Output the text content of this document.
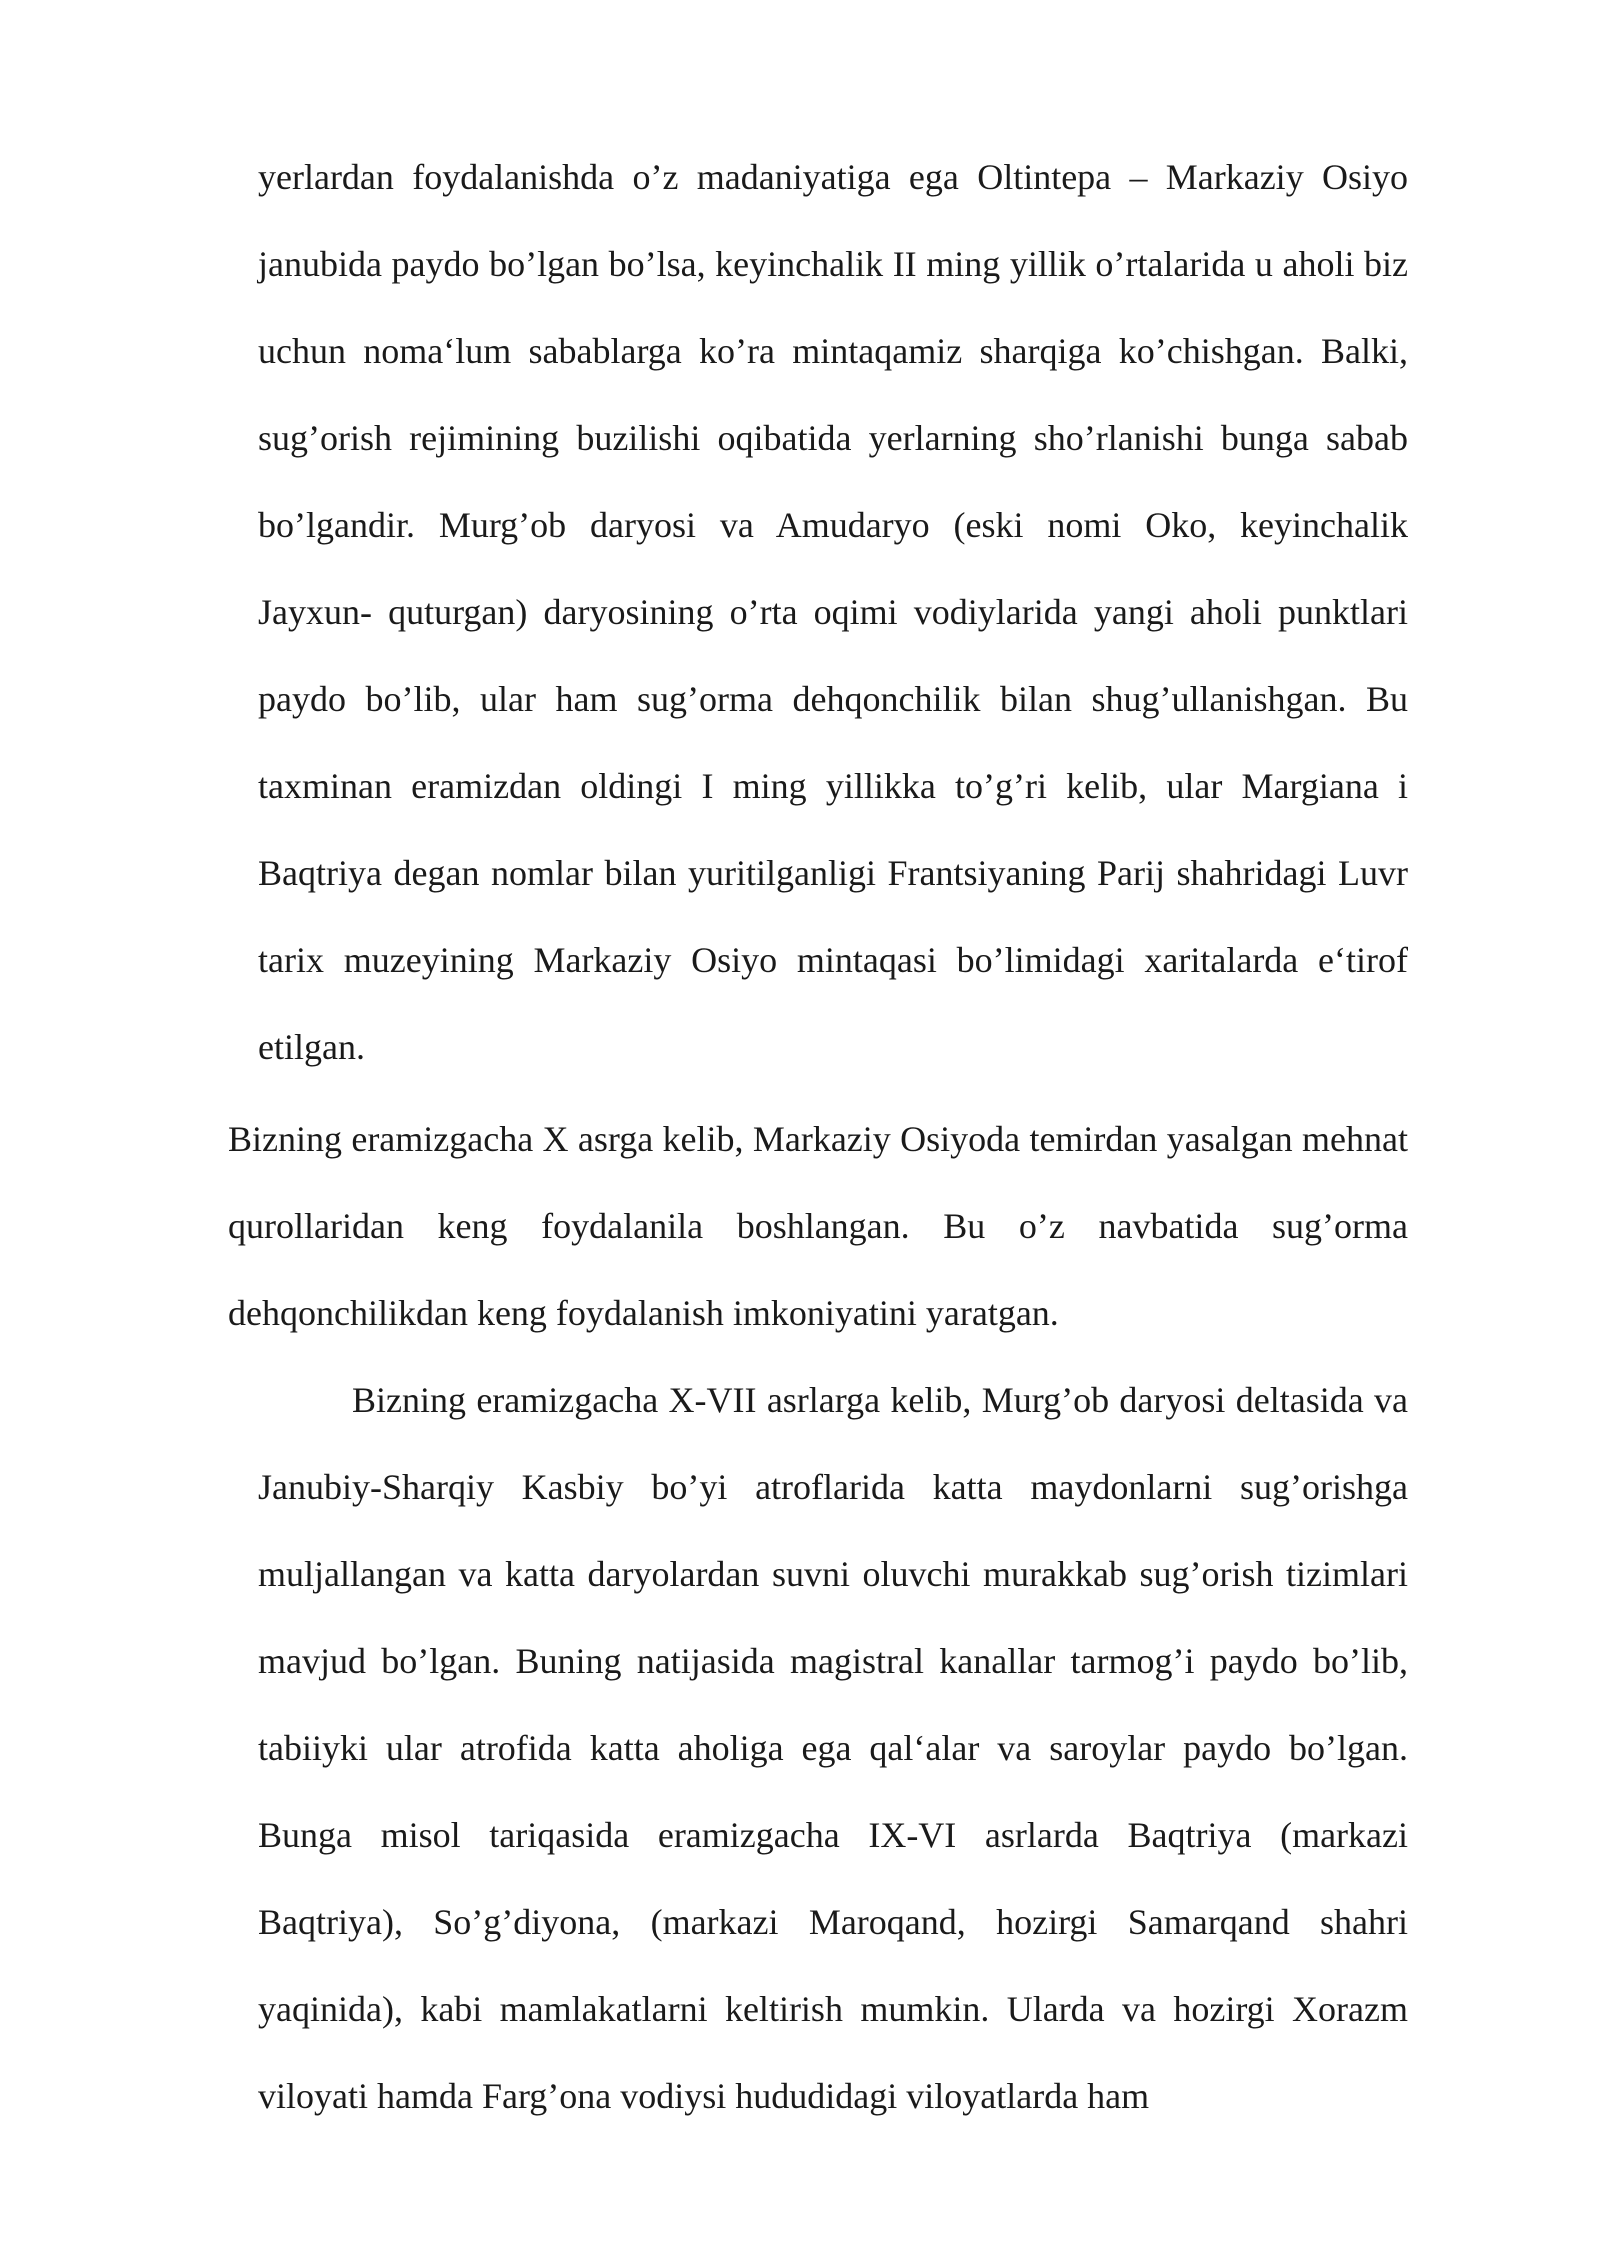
yerlardan foydalanishda o’z madaniyatiga ega Oltintepa – Markaziy Osiyo janubida paydo bo’lgan bo’lsa, keyinchalik II ming yillik o’rtalarida u aholi biz uchun noma‘lum sabablarga ko’ra mintaqamiz sharqiga ko’chishgan. Balki, sug’orish rejimining buzilishi oqibatida yerlarning sho’rlanishi bunga sabab bo’lgandir. Murg’ob daryosi va Amudaryo (eski nomi Oko, keyinchalik Jayxun- quturgan) daryosining o’rta oqimi vodiylarida yangi aholi punktlari paydo bo’lib, ular ham sug’orma dehqonchilik bilan shug’ullanishgan. Bu taxminan eramizdan oldingi I ming yillikka to’g’ri kelib, ular Margiana i Baqtriya degan nomlar bilan yuritilganligi Frantsiyaning Parij shahridagi Luvr tarix muzeyining Markaziy Osiyo mintaqasi bo’limidagi xaritalarda e‘tirof etilgan.

Bizning eramizgacha X asrga kelib, Markaziy Osiyoda temirdan yasalgan mehnat qurollaridan keng foydalanila boshlangan. Bu o’z navbatida sug’orma dehqonchilikdan keng foydalanish imkoniyatini yaratgan.

Bizning eramizgacha X-VII asrlarga kelib, Murg’ob daryosi deltasida va Janubiy-Sharqiy Kasbiy bo’yi atroflarida katta maydonlarni sug’orishga muljallangan va katta daryolardan suvni oluvchi murakkab sug’orish tizimlari mavjud bo’lgan. Buning natijasida magistral kanallar tarmog’i paydo bo’lib, tabiiyki ular atrofida katta aholiga ega qal‘alar va saroylar paydo bo’lgan. Bunga misol tariqasida eramizgacha IX-VI asrlarda Baqtriya (markazi Baqtriya), So’g’diyona, (markazi Maroqand, hozirgi Samarqand shahri yaqinida), kabi mamlakatlarni keltirish mumkin. Ularda va hozirgi Xorazm viloyati hamda Farg’ona vodiysi hududidagi viloyatlarda ham
